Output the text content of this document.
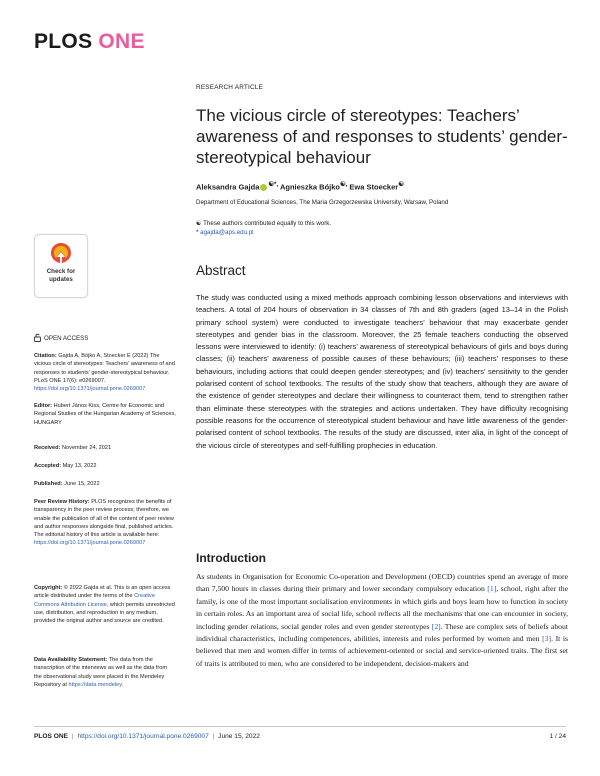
PLOS ONE
RESEARCH ARTICLE
The vicious circle of stereotypes: Teachers’ awareness of and responses to students’ gender-stereotypical behaviour
Aleksandra Gajda ☯*, Agnieszka Bójko☯, Ewa Stoecker☯
Department of Educational Sciences, The Maria Grzegorzewska University, Warsaw, Poland
☯ These authors contributed equally to this work.
* agajda@aps.edu.pl
Abstract

The study was conducted using a mixed methods approach combining lesson observations and interviews with teachers. A total of 204 hours of observation in 34 classes of 7th and 8th graders (aged 13–14 in the Polish primary school system) were conducted to investigate teachers’ behaviour that may exacerbate gender stereotypes and gender bias in the classroom. Moreover, the 25 female teachers conducting the observed lessons were interviewed to identify: (i) teachers’ awareness of stereotypical behaviours of girls and boys during classes; (ii) teachers’ awareness of possible causes of these behaviours; (iii) teachers’ responses to these behaviours, including actions that could deepen gender stereotypes; and (iv) teachers’ sensitivity to the gender polarised content of school textbooks. The results of the study show that teachers, although they are aware of the existence of gender stereotypes and declare their willingness to counteract them, tend to strengthen rather than eliminate these stereotypes with the strategies and actions undertaken. They have difficulty recognising possible reasons for the occurrence of stereotypical student behaviour and have little awareness of the gender-polarised content of school textbooks. The results of the study are discussed, inter alia, in light of the concept of the vicious circle of stereotypes and self-fulfilling prophecies in education.

Introduction

As students in Organisation for Economic Co-operation and Development (OECD) countries spend an average of more than 7,500 hours in classes during their primary and lower secondary compulsory education [1], school, right after the family, is one of the most important socialisation environments in which girls and boys learn how to function in society in certain roles. As an important area of social life, school reflects all the mechanisms that one can encounter in society, including gender relations, social gender roles and even gender stereotypes [2]. These are complex sets of beliefs about individual characteristics, including competences, abilities, interests and roles performed by women and men [3]. It is believed that men and women differ in terms of achievement-oriented or social and service-oriented traits. The first set of traits is attributed to men, who are considered to be independent, decision-makers and

Check for
updates
OPEN ACCESS
Citation: Gajda A, Bójko A, Stoecker E (2022) The vicious circle of stereotypes: Teachers’ awareness of and responses to students’ gender-stereotypical behaviour. PLoS ONE 17(6): e0269007. https://doi.org/10.1371/journal.pone.0269007
Editor: Hubert János Kiss, Centre for Economic and Regional Studies of the Hungarian Academy of Sciences, HUNGARY
Received: November 24, 2021
Accepted: May 13, 2022
Published: June 15, 2022
Peer Review History: PLOS recognizes the benefits of transparency in the peer review process; therefore, we enable the publication of all of the content of peer review and author responses alongside final, published articles. The editorial history of this article is available here: https://doi.org/10.1371/journal.pone.0269007
Copyright: © 2022 Gajda et al. This is an open access article distributed under the terms of the Creative Commons Attribution License, which permits unrestricted use, distribution, and reproduction in any medium, provided the original author and source are credited.
Data Availability Statement: The data from the transcription of the interviews as well as the data from the observational study were placed in the Mendeley Repository at https://data.mendeley.
PLOS ONE | https://doi.org/10.1371/journal.pone.0269007 | June 15, 2022	1 / 24
